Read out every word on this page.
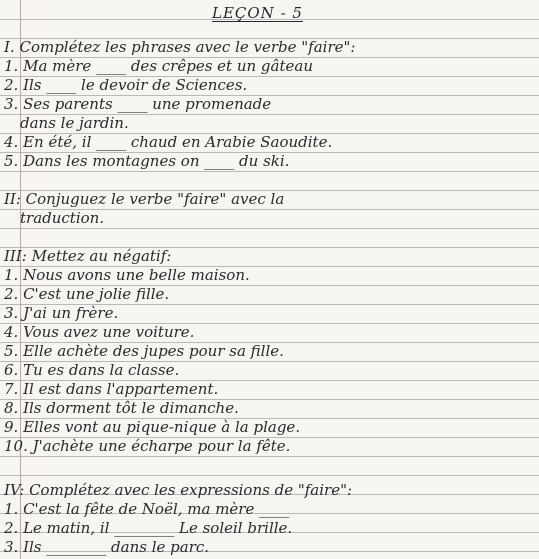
LEÇON - 5
I. Complétez les phrases avec le verbe "faire":
1. Ma mère ____ des crêpes et un gâteau
2. Ils ____ le devoir de Sciences.
3. Ses parents ____ une promenade
dans le jardin.
4. En été, il ____ chaud en Arabie Saoudite.
5. Dans les montagnes on ____ du ski.
II: Conjuguez le verbe "faire" avec la
traduction.
III: Mettez au négatif:
1. Nous avons une belle maison.
2. C'est une jolie fille.
3. J'ai un frère.
4. Vous avez une voiture.
5. Elle achète des jupes pour sa fille.
6. Tu es dans la classe.
7. Il est dans l'appartement.
8. Ils dorment tôt le dimanche.
9. Elles vont au pique-nique à la plage.
10. J'achète une écharpe pour la fête.
IV: Complétez avec les expressions de "faire":
1. C'est la fête de Noël, ma mère ____
2. Le matin, il ________ Le soleil brille.
3. Ils ________ dans le parc.
